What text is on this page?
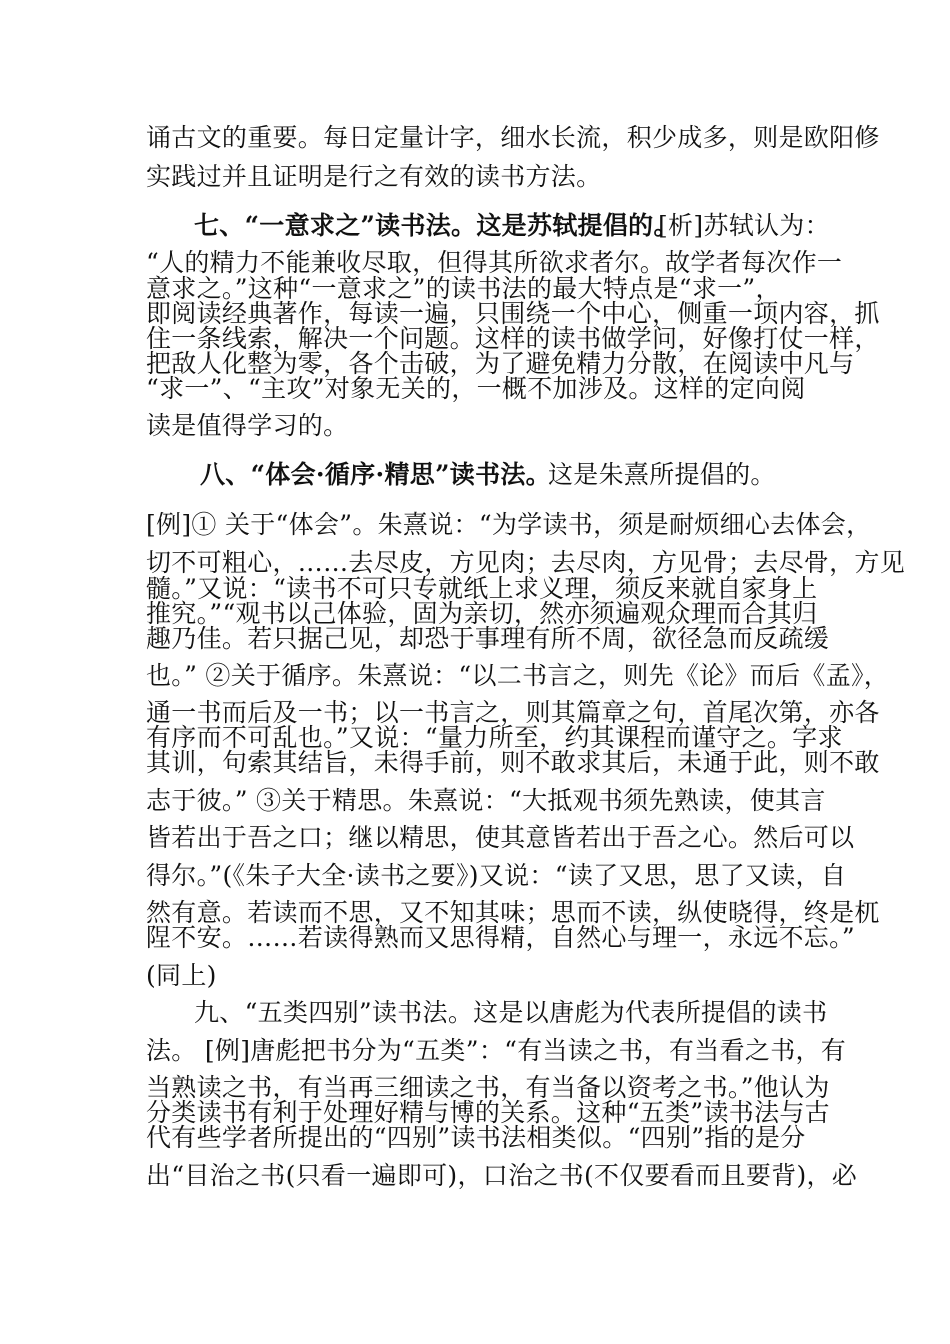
诵古文的重要。每日定量计字，细水长流，积少成多，则是欧阳修
实践过并且证明是行之有效的读书方法。
七、“一意求之”读书法。这是苏轼提倡的。
[析]苏轼认为：
“人的精力不能兼收尽取，但得其所欲求者尔。故学者每次作一
意求之。”这种“一意求之”的读书法的最大特点是“求一”，
即阅读经典著作，每读一遍，只围绕一个中心，侧重一项内容，抓
住一条线索，解决一个问题。这样的读书做学问，好像打仗一样，
把敌人化整为零，各个击破，为了避免精力分散，在阅读中凡与
“求一”、“主攻”对象无关的，一概不加涉及。这样的定向阅
读是值得学习的。
八、“体会·循序·精思”读书法。
这是朱熹所提倡的。
[例]① 关于“体会”。朱熹说：“为学读书，须是耐烦细心去体会，
切不可粗心，……去尽皮，方见肉；去尽肉，方见骨；去尽骨，方见
髓。”又说：“读书不可只专就纸上求义理，须反来就自家身上
推究。”“观书以己体验，固为亲切，然亦须遍观众理而合其归
趣乃佳。若只据己见，却恐于事理有所不周，欲径急而反疏缓
也。” ②关于循序。朱熹说：“以二书言之，则先《论》而后《孟》，
通一书而后及一书；以一书言之，则其篇章之句，首尾次第，亦各
有序而不可乱也。”又说：“量力所至，约其课程而谨守之。字求
其训，句索其结旨，未得手前，则不敢求其后，未通于此，则不敢
志于彼。” ③关于精思。朱熹说：“大抵观书须先熟读，使其言
皆若出于吾之口；继以精思，使其意皆若出于吾之心。然后可以
得尔。”(《朱子大全·读书之要》)又说：“读了又思，思了又读，自
然有意。若读而不思，又不知其味；思而不读，纵使晓得，终是杌
陧不安。……若读得熟而又思得精，自然心与理一，永远不忘。”
(同上)
九、“五类四别”读书法。这是以唐彪为代表所提倡的读书
法。 [例]唐彪把书分为“五类”：“有当读之书，有当看之书，有
当熟读之书，有当再三细读之书，有当备以资考之书。”他认为
分类读书有利于处理好精与博的关系。这种“五类”读书法与古
代有些学者所提出的“四别”读书法相类似。“四别”指的是分
出“目治之书(只看一遍即可)，口治之书(不仅要看而且要背)，必
